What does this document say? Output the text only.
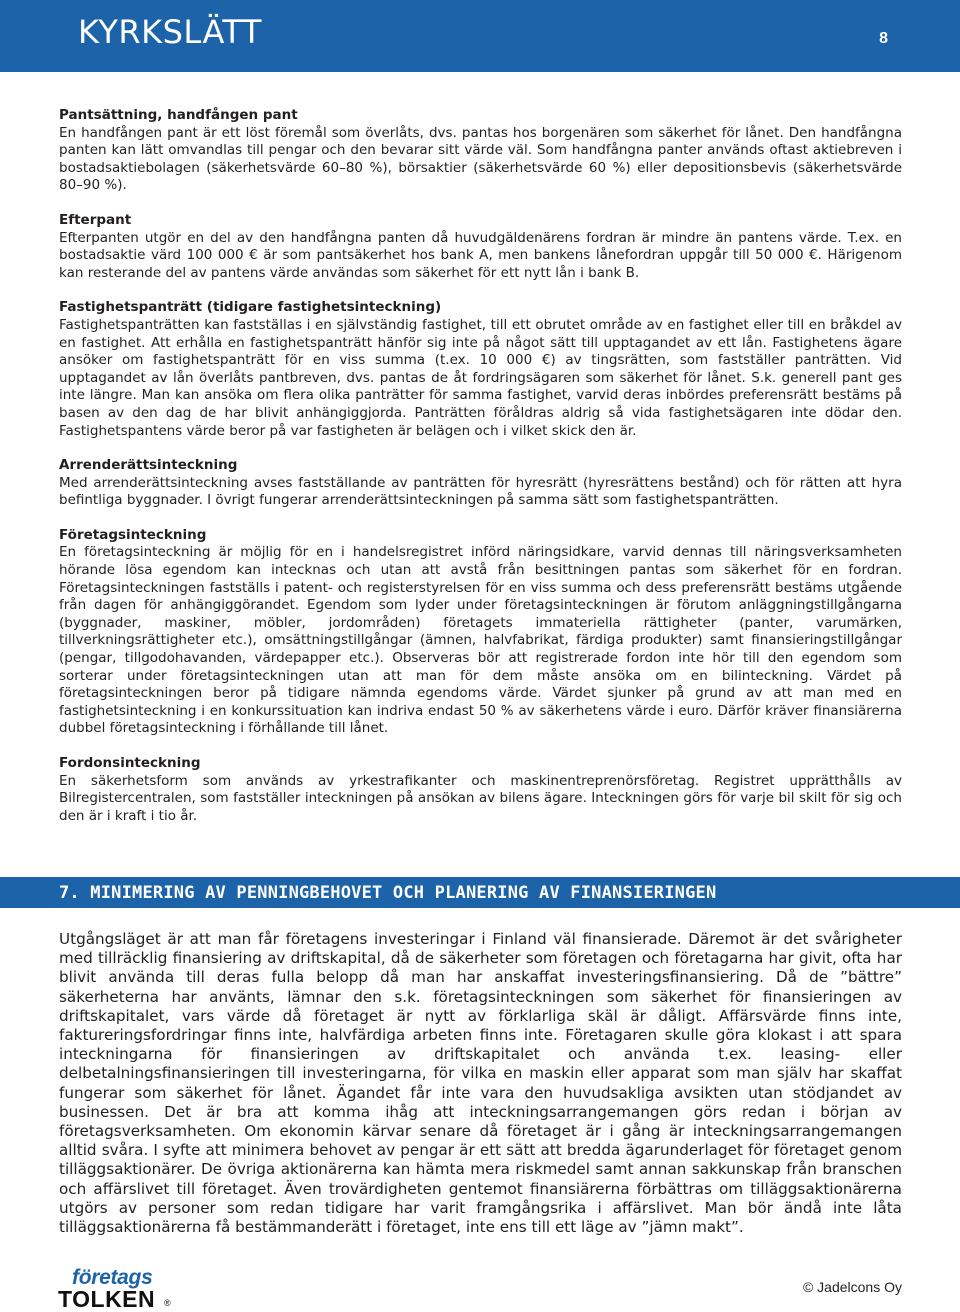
KYRKSLÄTT	8
Pantsättning, handfången pant

En handfången pant är ett löst föremål som överlåts, dvs. pantas hos borgenären som säkerhet för lånet. Den handfångna panten kan lätt omvandlas till pengar och den bevarar sitt värde väl. Som handfångna panter används oftast aktiebreven i bostadsaktiebolagen (säkerhetsvärde 60–80 %), börsaktier (säkerhetsvärde 60 %) eller depositionsbevis (säkerhetsvärde 80–90 %).

Efterpant

Efterpanten utgör en del av den handfångna panten då huvudgäldenärens fordran är mindre än pantens värde. T.ex. en bostadsaktie värd 100 000 € är som pantsäkerhet hos bank A, men bankens lånefordran uppgår till 50 000 €. Härigenom kan resterande del av pantens värde användas som säkerhet för ett nytt lån i bank B.

Fastighetspanträtt (tidigare fastighetsinteckning)

Fastighetspanträtten kan fastställas i en självständig fastighet, till ett obrutet område av en fastighet eller till en bråkdel av en fastighet. Att erhålla en fastighetspanträtt hänför sig inte på något sätt till upptagandet av ett lån. Fastighetens ägare ansöker om fastighetspanträtt för en viss summa (t.ex. 10 000 €) av tingsrätten, som fastställer panträtten. Vid upptagandet av lån överlåts pantbreven, dvs. pantas de åt fordringsägaren som säkerhet för lånet. S.k. generell pant ges inte längre. Man kan ansöka om flera olika panträtter för samma fastighet, varvid deras inbördes preferensrätt bestäms på basen av den dag de har blivit anhängiggjorda. Panträtten föråldras aldrig så vida fastighetsägaren inte dödar den. Fastighetspantens värde beror på var fastigheten är belägen och i vilket skick den är.

Arrenderättsinteckning

Med arrenderättsinteckning avses fastställande av panträtten för hyresrätt (hyresrättens bestånd) och för rätten att hyra befintliga byggnader. I övrigt fungerar arrenderättsinteckningen på samma sätt som fastighetspanträtten.

Företagsinteckning

En företagsinteckning är möjlig för en i handelsregistret införd näringsidkare, varvid dennas till näringsverksamheten hörande lösa egendom kan intecknas och utan att avstå från besittningen pantas som säkerhet för en fordran. Företagsinteckningen fastställs i patent- och registerstyrelsen för en viss summa och dess preferensrätt bestäms utgående från dagen för anhängiggörandet. Egendom som lyder under företagsinteckningen är förutom anläggningstillgångarna (byggnader, maskiner, möbler, jordområden) företagets immateriella rättigheter (panter, varumärken, tillverkningsrättigheter etc.), omsättningstillgångar (ämnen, halvfabrikat, färdiga produkter) samt finansieringstillgångar (pengar, tillgodohavanden, värdepapper etc.). Observeras bör att registrerade fordon inte hör till den egendom som sorterar under företagsinteckningen utan att man för dem måste ansöka om en bilinteckning. Värdet på företagsinteckningen beror på tidigare nämnda egendoms värde. Värdet sjunker på grund av att man med en fastighetsinteckning i en konkurssituation kan indriva endast 50 % av säkerhetens värde i euro. Därför kräver finansiärerna dubbel företagsinteckning i förhållande till lånet.

Fordonsinteckning

En säkerhetsform som används av yrkestrafikanter och maskinentreprenörsföretag. Registret upprätthålls av Bilregistercentralen, som fastställer inteckningen på ansökan av bilens ägare. Inteckningen görs för varje bil skilt för sig och den är i kraft i tio år.

7. MINIMERING AV PENNINGBEHOVET OCH PLANERING AV FINANSIERINGEN

Utgångsläget är att man får företagens investeringar i Finland väl finansierade. Däremot är det svårigheter med tillräcklig finansiering av driftskapital, då de säkerheter som företagen och företagarna har givit, ofta har blivit använda till deras fulla belopp då man har anskaffat investeringsfinansiering. Då de ”bättre” säkerheterna har använts, lämnar den s.k. företagsinteckningen som säkerhet för finansieringen av driftskapitalet, vars värde då företaget är nytt av förklarliga skäl är dåligt. Affärsvärde finns inte, faktureringsfordringar finns inte, halvfärdiga arbeten finns inte. Företagaren skulle göra klokast i att spara inteckningarna för finansieringen av driftskapitalet och använda t.ex. leasing- eller delbetalningsfinansieringen till investeringarna, för vilka en maskin eller apparat som man själv har skaffat fungerar som säkerhet för lånet. Ägandet får inte vara den huvudsakliga avsikten utan stödjandet av businessen. Det är bra att komma ihåg att inteckningsarrangemangen görs redan i början av företagsverksamheten. Om ekonomin kärvar senare då företaget är i gång är inteckningsarrangemangen alltid svåra. I syfte att minimera behovet av pengar är ett sätt att bredda ägarunderlaget för företaget genom tilläggsaktionärer. De övriga aktionärerna kan hämta mera riskmedel samt annan sakkunskap från branschen och affärslivet till företaget. Även trovärdigheten gentemot finansiärerna förbättras om tilläggsaktionärerna utgörs av personer som redan tidigare har varit framgångsrika i affärslivet. Man bör ändå inte låta tilläggsaktionärerna få bestämmanderätt i företaget, inte ens till ett läge av ”jämn makt”.

företags
TOLKEN ®
© Jadelcons Oy
